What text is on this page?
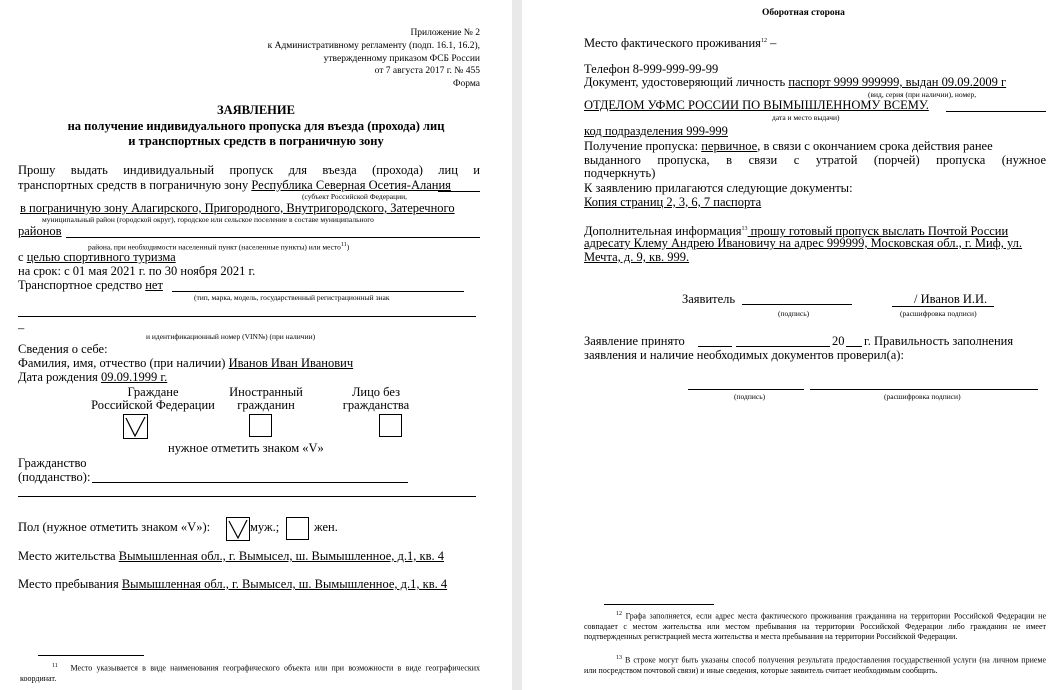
Приложение № 2
к Административному регламенту (подп. 16.1, 16.2),
утвержденному приказом ФСБ России
от 7 августа 2017 г. № 455
Форма
ЗАЯВЛЕНИЕ
на получение индивидуального пропуска для въезда (прохода) лиц
и транспортных средств в пограничную зону
Прошу выдать индивидуальный пропуск для въезда (прохода) лиц и
транспортных средств в пограничную зону Республика Северная Осетия-Алания
(субъект Российской Федерации,
в пограничную зону Алагирского, Пригородного, Внутригородского, Затеречного
муниципальный район (городской округ), городское или сельское поселение в составе муниципального
районов
района, при необходимости населенный пункт (населенные пункты) или место$^{11}$)
с целью спортивного туризма
на срок: с 01 мая 2021 г. по 30 ноября 2021 г.
Транспортное средство нет
(тип, марка, модель, государственный регистрационный знак
–
и идентификационный номер (VIN№) (при наличии)
Сведения о себе:
Фамилия, имя, отчество (при наличии) Иванов Иван Иванович
Дата рождения 09.09.1999 г.
Граждане
Российской Федерации
Иностранный
гражданин
Лицо без
гражданства
нужное отметить знаком «V»
Гражданство
(подданство):
Пол (нужное отметить знаком «V»):	муж.;	жен.
Место жительства Вымышленная обл., г. Вымысел, ш. Вымышленное, д.1, кв. 4
Место пребывания Вымышленная обл., г. Вымысел, ш. Вымышленное, д.1, кв. 4
$^{11}$ Место указывается в виде наименования географического объекта или при возможности в виде географических координат.
Оборотная сторона
Место фактического проживания$^{12}$ –
Телефон 8-999-999-99-99
Документ, удостоверяющий личность паспорт 9999 999999, выдан 09.09.2009 г
(вид, серия (при наличии), номер,
ОТДЕЛОМ УФМС РОССИИ ПО ВЫМЫШЛЕННОМУ ВСЕМУ.
дата и место выдачи)
код подразделения 999-999
Получение пропуска: первичное, в связи с окончанием срока действия ранее
выданного пропуска, в связи с утратой (порчей) пропуска (нужное
подчеркнуть)
К заявлению прилагаются следующие документы:
Копия страниц 2, 3, 6, 7 паспорта
Дополнительная информация$^{13}$ прошу готовый пропуск выслать Почтой России
адресату Клему Андрею Ивановичу на адрес 999999, Московская обл., г. Миф, ул.
Мечта, д. 9, кв. 999.
Заявитель
(подпись)
/ Иванов И.И.
(расшифровка подписи)
Заявление принято	20 г. Правильность заполнения
заявления и наличие необходимых документов проверил(а):
(подпись)	(расшифровка подписи)
$^{12}$ Графа заполняется, если адрес места фактического проживания гражданина на территории Российской Федерации не совпадает с местом жительства или местом пребывания на территории Российской Федерации либо гражданин не имеет подтвержденных регистрацией места жительства и места пребывания на территории Российской Федерации.
$^{13}$ В строке могут быть указаны способ получения результата предоставления государственной услуги (на личном приеме или посредством почтовой связи) и иные сведения, которые заявитель считает необходимым сообщить.
